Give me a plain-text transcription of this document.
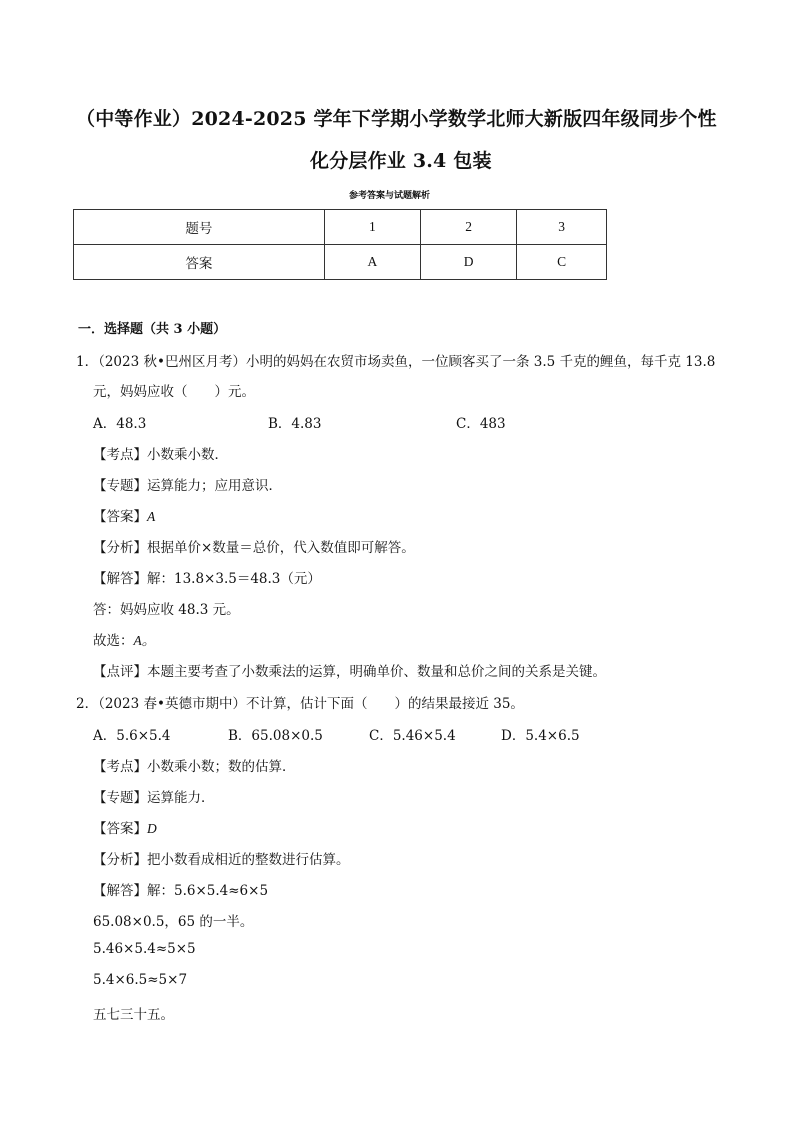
（中等作业）2024-2025 学年下学期小学数学北师大新版四年级同步个性
化分层作业 3.4 包装
参考答案与试题解析
题号	1	2	3
答案	A	D	C
一．选择题（共 3 小题）
1．（2023 秋•巴州区月考）小明的妈妈在农贸市场卖鱼，一位顾客买了一条 3.5 千克的鲤鱼，每千克 13.8
元，妈妈应收（　　）元。
A．48.3	B．4.83	C．483
【考点】小数乘小数．
【专题】运算能力；应用意识．
【答案】A
【分析】根据单价×数量＝总价，代入数值即可解答。
【解答】解：13.8×3.5＝48.3（元）
答：妈妈应收 48.3 元。
故选：A。
【点评】本题主要考查了小数乘法的运算，明确单价、数量和总价之间的关系是关键。
2．（2023 春•英德市期中）不计算，估计下面（　　）的结果最接近 35。
A．5.6×5.4	B．65.08×0.5	C．5.46×5.4	D．5.4×6.5
【考点】小数乘小数；数的估算．
【专题】运算能力．
【答案】D
【分析】把小数看成相近的整数进行估算。
【解答】解：5.6×5.4≈6×5
65.08×0.5，65 的一半。
5.46×5.4≈5×5
5.4×6.5≈5×7
五七三十五。
